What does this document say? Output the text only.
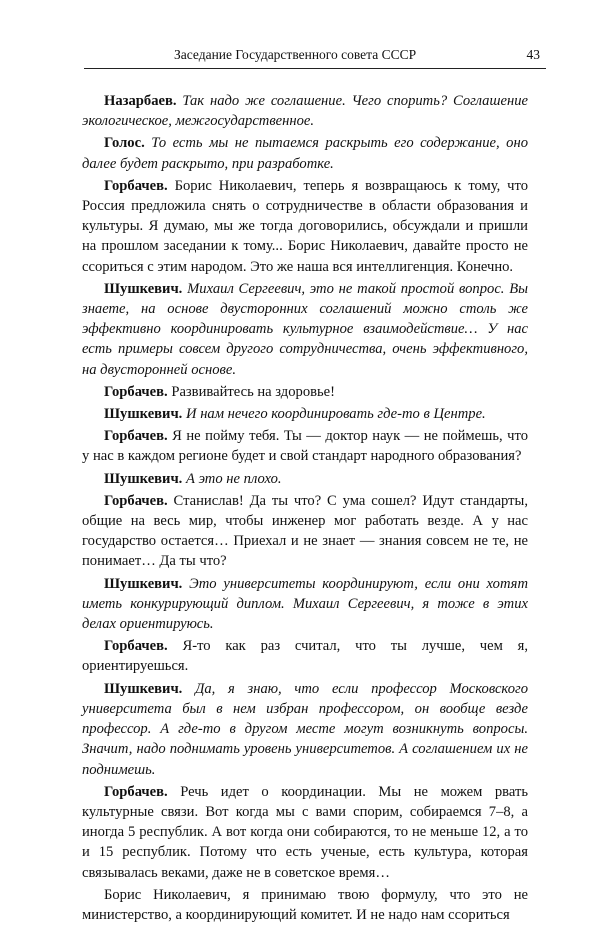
Заседание Государственного совета СССР	43

Назарбаев. Так надо же соглашение. Чего спорить? Соглашение экологическое, межгосударственное.

Голос. То есть мы не пытаемся раскрыть его содержание, оно далее будет раскрыто, при разработке.

Горбачев. Борис Николаевич, теперь я возвращаюсь к тому, что Россия предложила снять о сотрудничестве в области образования и культуры. Я думаю, мы же тогда договорились, обсуждали и пришли на прошлом заседании к тому... Борис Николаевич, давайте просто не ссориться с этим народом. Это же наша вся интеллигенция. Конечно.

Шушкевич. Михаил Сергеевич, это не такой простой вопрос. Вы знаете, на основе двусторонних соглашений можно столь же эффективно координировать культурное взаимодействие… У нас есть примеры совсем другого сотрудничества, очень эффективного, на двусторонней основе.

Горбачев. Развивайтесь на здоровье!

Шушкевич. И нам нечего координировать где-то в Центре.

Горбачев. Я не пойму тебя. Ты — доктор наук — не поймешь, что у нас в каждом регионе будет и свой стандарт народного образования?

Шушкевич. А это не плохо.

Горбачев. Станислав! Да ты что? С ума сошел? Идут стандарты, общие на весь мир, чтобы инженер мог работать везде. А у нас государство остается… Приехал и не знает — знания совсем не те, не понимает… Да ты что?

Шушкевич. Это университеты координируют, если они хотят иметь конкурирующий диплом. Михаил Сергеевич, я тоже в этих делах ориентируюсь.

Горбачев. Я-то как раз считал, что ты лучше, чем я, ориентируешься.

Шушкевич. Да, я знаю, что если профессор Московского университета был в нем избран профессором, он вообще везде профессор. А где-то в другом месте могут возникнуть вопросы. Значит, надо поднимать уровень университетов. А соглашением их не поднимешь.

Горбачев. Речь идет о координации. Мы не можем рвать культурные связи. Вот когда мы с вами спорим, собираемся 7–8, а иногда 5 республик. А вот когда они собираются, то не меньше 12, а то и 15 республик. Потому что есть ученые, есть культура, которая связывалась веками, даже не в советское время…

Борис Николаевич, я принимаю твою формулу, что это не министерство, а координирующий комитет. И не надо нам ссориться
